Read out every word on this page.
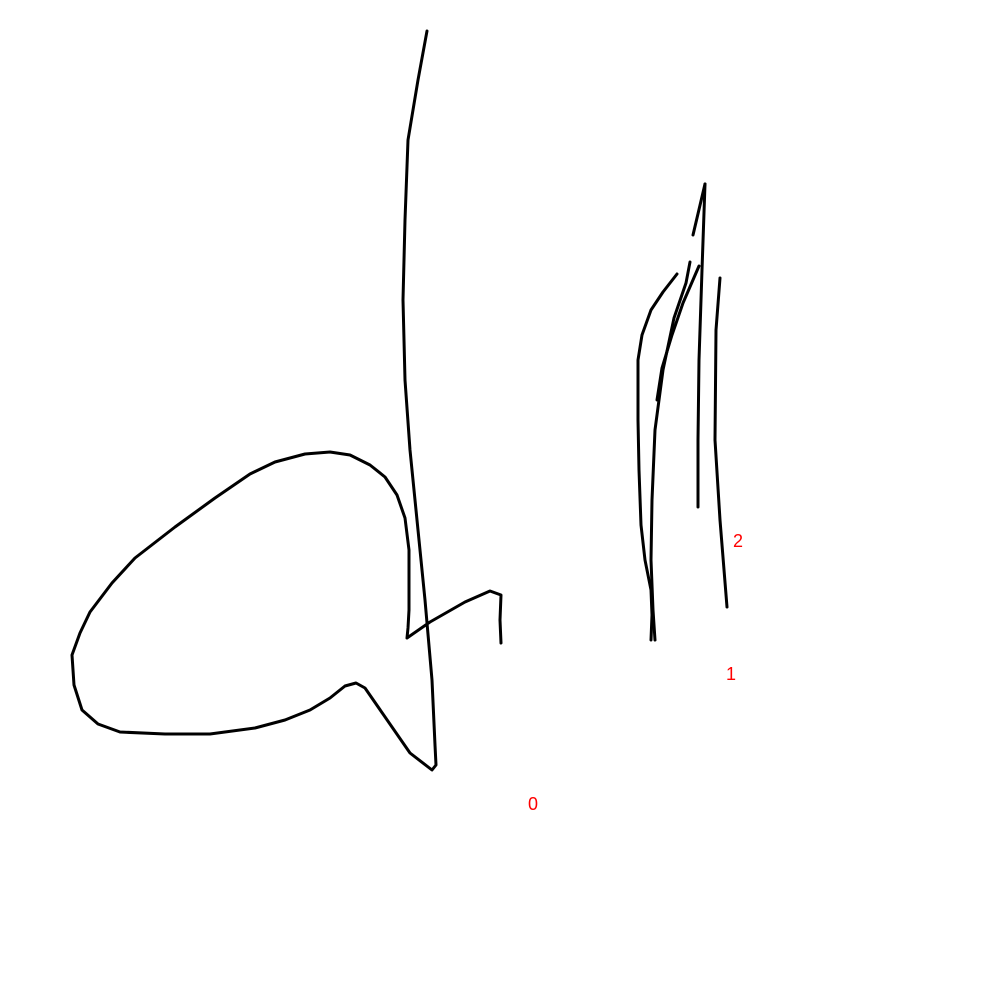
0
1
2
